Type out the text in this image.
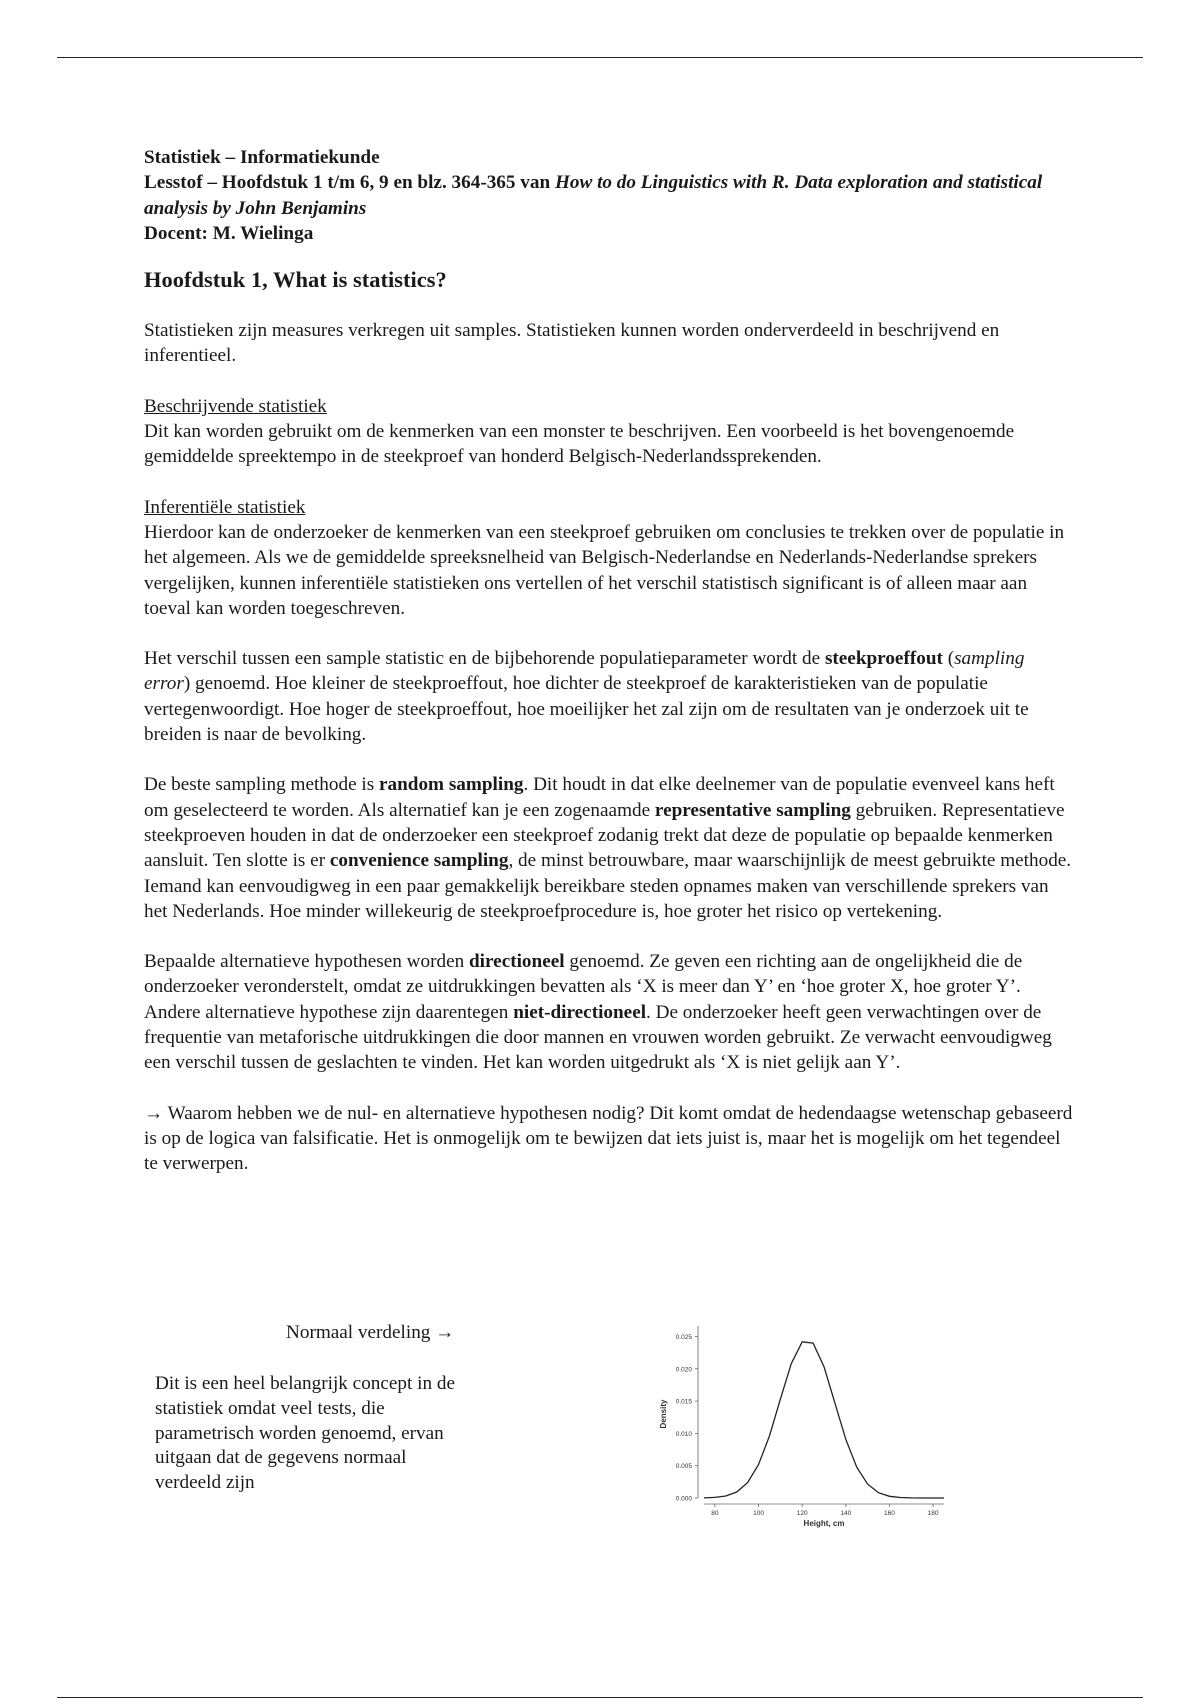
Statistiek – Informatiekunde

Lesstof – Hoofdstuk 1 t/m 6, 9 en blz. 364-365 van How to do Linguistics with R. Data exploration and statistical analysis by John Benjamins

Docent: M. Wielinga

Hoofdstuk 1, What is statistics?

Statistieken zijn measures verkregen uit samples. Statistieken kunnen worden onderverdeeld in beschrijvend en inferentieel.

Beschrijvende statistiek
Dit kan worden gebruikt om de kenmerken van een monster te beschrijven. Een voorbeeld is het bovengenoemde gemiddelde spreektempo in de steekproef van honderd Belgisch-Nederlandssprekenden.

Inferentiële statistiek
Hierdoor kan de onderzoeker de kenmerken van een steekproef gebruiken om conclusies te trekken over de populatie in het algemeen. Als we de gemiddelde spreeksnelheid van Belgisch-Nederlandse en Nederlands-Nederlandse sprekers vergelijken, kunnen inferentiële statistieken ons vertellen of het verschil statistisch significant is of alleen maar aan toeval kan worden toegeschreven.

Het verschil tussen een sample statistic en de bijbehorende populatieparameter wordt de steekproeffout (sampling error) genoemd. Hoe kleiner de steekproeffout, hoe dichter de steekproef de karakteristieken van de populatie vertegenwoordigt. Hoe hoger de steekproeffout, hoe moeilijker het zal zijn om de resultaten van je onderzoek uit te breiden is naar de bevolking.

De beste sampling methode is random sampling. Dit houdt in dat elke deelnemer van de populatie evenveel kans heft om geselecteerd te worden. Als alternatief kan je een zogenaamde representative sampling gebruiken. Representatieve steekproeven houden in dat de onderzoeker een steekproef zodanig trekt dat deze de populatie op bepaalde kenmerken aansluit. Ten slotte is er convenience sampling, de minst betrouwbare, maar waarschijnlijk de meest gebruikte methode. Iemand kan eenvoudigweg in een paar gemakkelijk bereikbare steden opnames maken van verschillende sprekers van het Nederlands. Hoe minder willekeurig de steekproefprocedure is, hoe groter het risico op vertekening.

Bepaalde alternatieve hypothesen worden directioneel genoemd. Ze geven een richting aan de ongelijkheid die de onderzoeker veronderstelt, omdat ze uitdrukkingen bevatten als ‘X is meer dan Y’ en ‘hoe groter X, hoe groter Y’. Andere alternatieve hypothese zijn daarentegen niet-directioneel. De onderzoeker heeft geen verwachtingen over de frequentie van metaforische uitdrukkingen die door mannen en vrouwen worden gebruikt. Ze verwacht eenvoudigweg een verschil tussen de geslachten te vinden. Het kan worden uitgedrukt als ‘X is niet gelijk aan Y’.

→ Waarom hebben we de nul- en alternatieve hypothesen nodig? Dit komt omdat de hedendaagse wetenschap gebaseerd is op de logica van falsificatie. Het is onmogelijk om te bewijzen dat iets juist is, maar het is mogelijk om het tegendeel te verwerpen.

Normaal verdeling →
Dit is een heel belangrijk concept in de statistiek omdat veel tests, die parametrisch worden genoemd, ervan uitgaan dat de gegevens normaal verdeeld zijn
0.000
0.005
0.010
0.015
0.020
0.025
80	100	120	140	160	180
Height, cm
Density
